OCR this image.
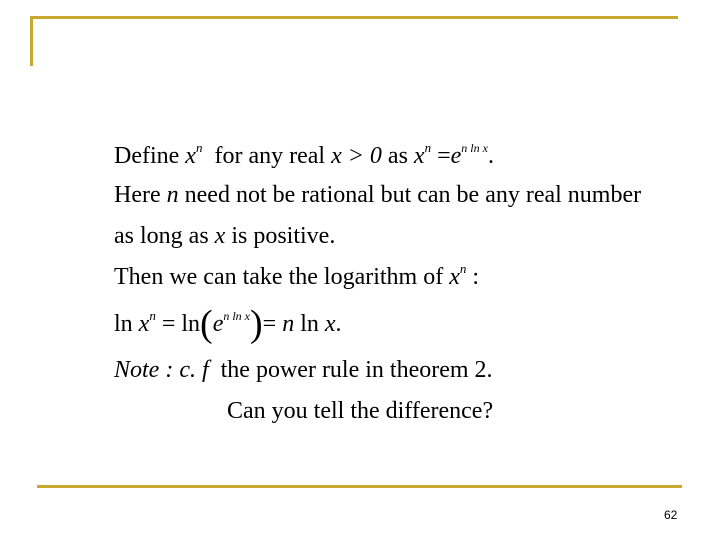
Define $x^n$ for any real x > 0 as $x^n =e^{n ln x}$.
Here n need not be rational but can be any real number
as long as x is positive.
Then we can take the logarithm of $x^n$ :
$\ln x^n = \ln(e^{n ln x})= n$ ln x.
Note : c. f the power rule in theorem 2.
Can you tell the difference?
62
